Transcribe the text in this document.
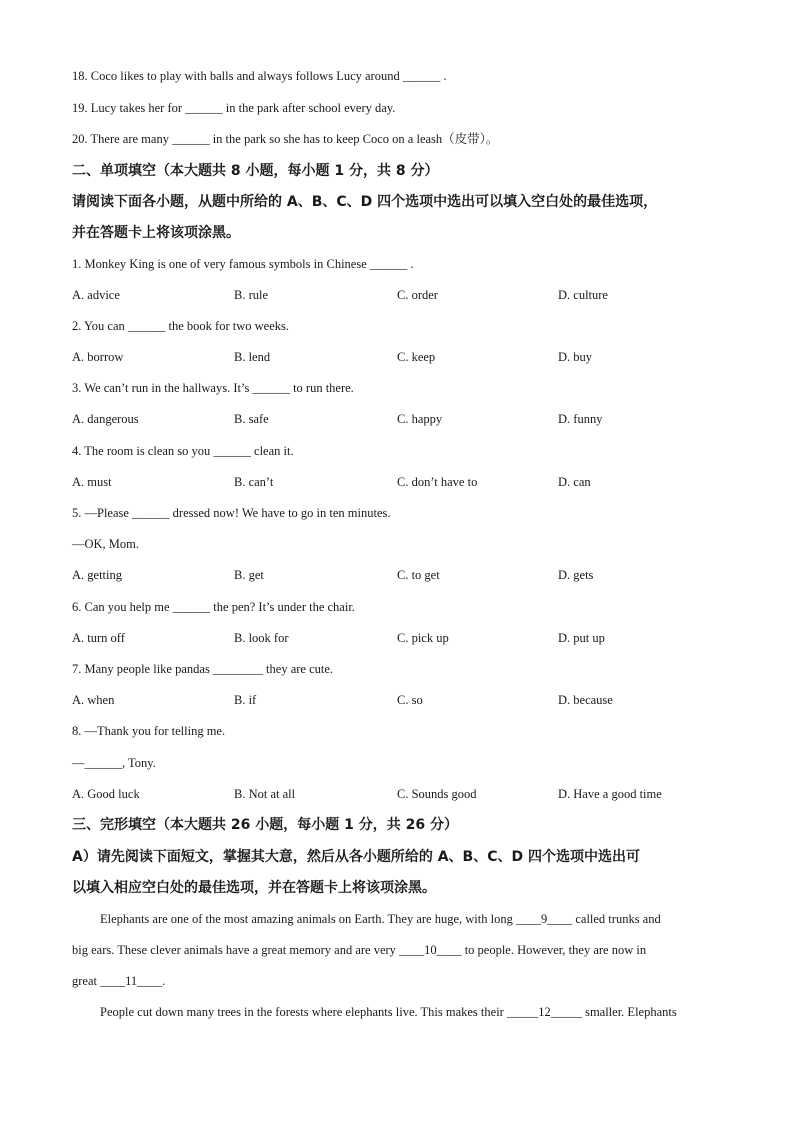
18. Coco likes to play with balls and always follows Lucy around ______ .
19. Lucy takes her for ______ in the park after school every day.
20. There are many ______ in the park so she has to keep Coco on a leash（皮带）。
二、单项填空（本大题共 8 小题，每小题 1 分，共 8 分）
请阅读下面各小题，从题中所给的 A、B、C、D 四个选项中选出可以填入空白处的最佳选项，
并在答题卡上将该项涂黑。
1. Monkey King is one of very famous symbols in Chinese ______ .
A. advice	B. rule	C. order	D. culture
2. You can ______ the book for two weeks.
A. borrow	B. lend	C. keep	D. buy
3. We can’t run in the hallways. It’s ______ to run there.
A. dangerous	B. safe	C. happy	D. funny
4. The room is clean so you ______ clean it.
A. must	B. can’t	C. don’t have to	D. can
5. —Please ______ dressed now! We have to go in ten minutes.
—OK, Mom.
A. getting	B. get	C. to get	D. gets
6. Can you help me ______ the pen? It’s under the chair.
A. turn off	B. look for	C. pick up	D. put up
7. Many people like pandas ________ they are cute.
A. when	B. if	C. so	D. because
8. —Thank you for telling me.
—______, Tony.
A. Good luck	B. Not at all	C. Sounds good	D. Have a good time
三、完形填空（本大题共 26 小题，每小题 1 分，共 26 分）
A）请先阅读下面短文，掌握其大意，然后从各小题所给的 A、B、C、D 四个选项中选出可
以填入相应空白处的最佳选项，并在答题卡上将该项涂黑。
Elephants are one of the most amazing animals on Earth. They are huge, with long ____9____ called trunks and
big ears. These clever animals have a great memory and are very ____10____ to people. However, they are now in
great ____11____.
People cut down many trees in the forests where elephants live. This makes their _____12_____ smaller. Elephants
